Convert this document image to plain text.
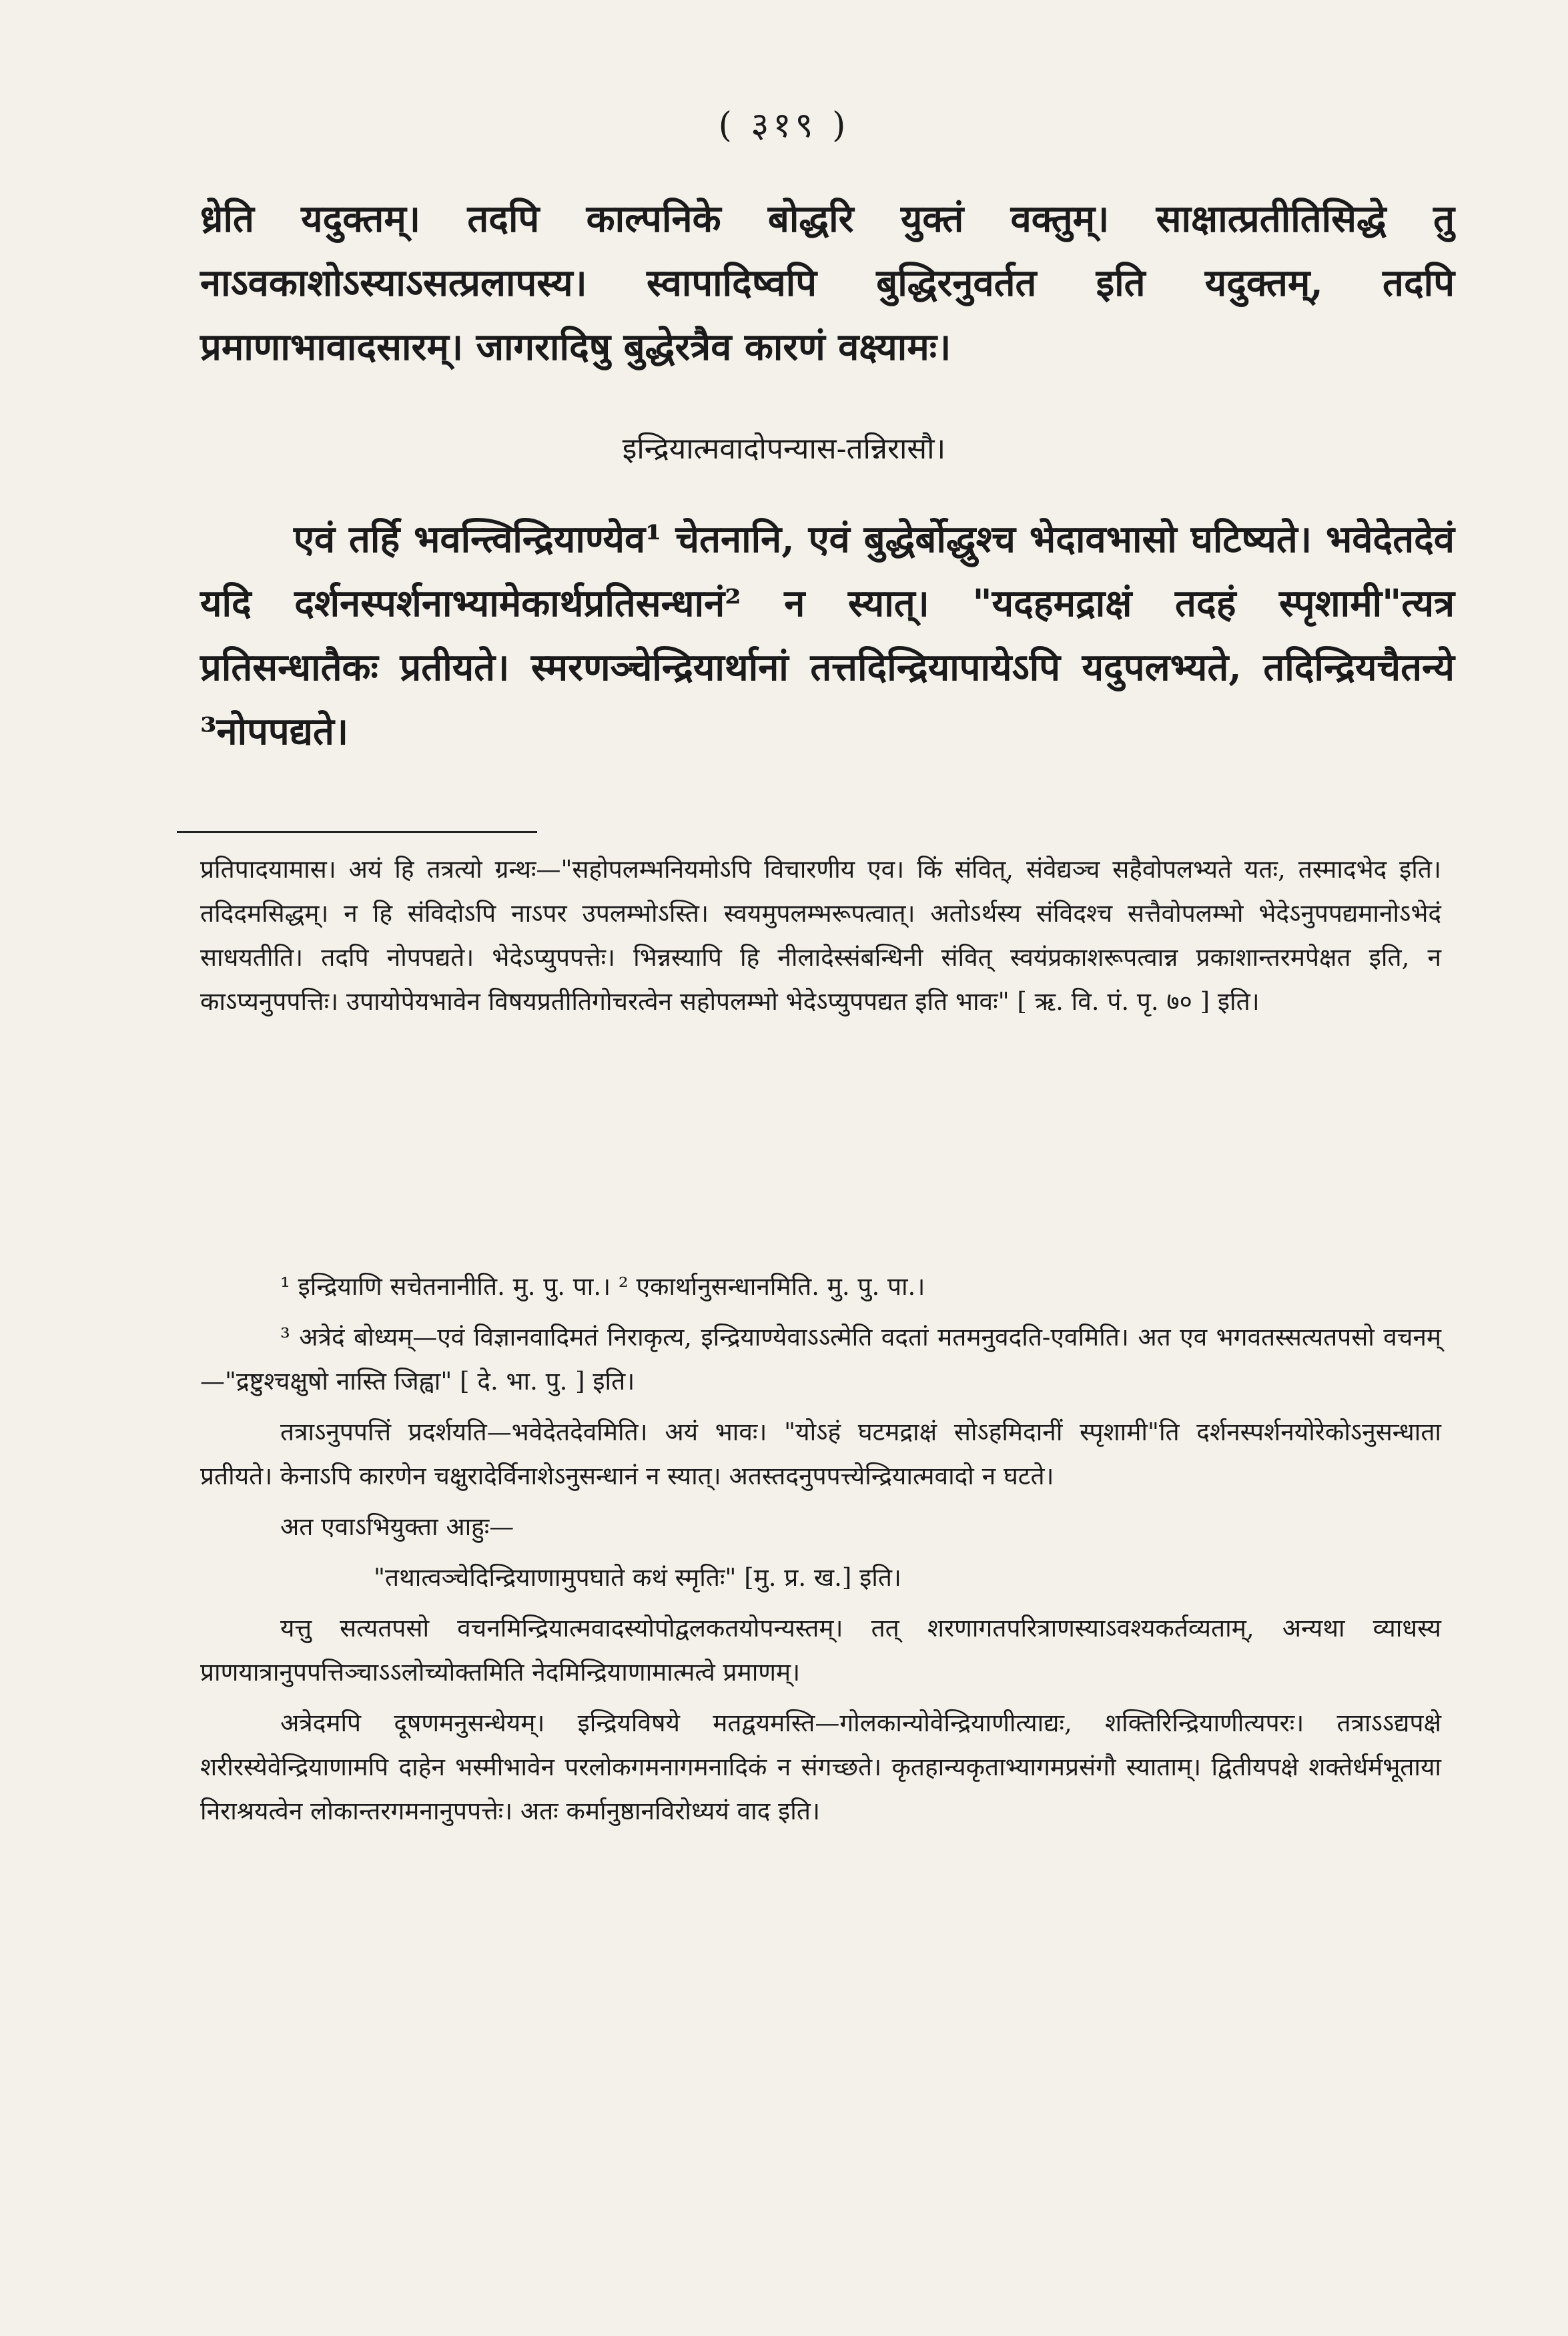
( ३१९ )

ध्रेति यदुक्तम्। तदपि काल्पनिके बोद्धरि युक्तं वक्तुम्। साक्षात्प्रतीतिसिद्धे तु नाऽवकाशोऽस्याऽसत्प्रलापस्य। स्वापादिष्वपि बुद्धिरनुवर्तत इति यदुक्तम्, तदपि प्रमाणाभावादसारम्। जागरादिषु बुद्धेरत्रैव कारणं वक्ष्यामः।

इन्द्रियात्मवादोपन्यास-तन्निरासौ।

एवं तर्हि भवन्त्विन्द्रियाण्येव¹ चेतनानि, एवं बुद्धेर्बोद्धुश्च भेदावभासो घटिष्यते। भवेदेतदेवं यदि दर्शनस्पर्शनाभ्यामेकार्थप्रतिसन्धानं² न स्यात्। "यदहमद्राक्षं तदहं स्पृशामी"त्यत्र प्रतिसन्धातैकः प्रतीयते। स्मरणञ्चेन्द्रियार्थानां तत्तदिन्द्रियापायेऽपि यदुपलभ्यते, तदिन्द्रियचैतन्ये ³नोपपद्यते।

प्रतिपादयामास। अयं हि तत्रत्यो ग्रन्थः—"सहोपलम्भनियमोऽपि विचारणीय एव। किं संवित्, संवेद्यञ्च सहैवोपलभ्यते यतः, तस्मादभेद इति। तदिदमसिद्धम्। न हि संविदोऽपि नाऽपर उपलम्भोऽस्ति। स्वयमुपलम्भरूपत्वात्। अतोऽर्थस्य संविदश्च सत्तैवोपलम्भो भेदेऽनुपपद्यमानोऽभेदं साधयतीति। तदपि नोपपद्यते। भेदेऽप्युपपत्तेः। भिन्नस्यापि हि नीलादेस्संबन्धिनी संवित् स्वयंप्रकाशरूपत्वान्न प्रकाशान्तरमपेक्षत इति, न काऽप्यनुपपत्तिः। उपायोपेयभावेन विषयप्रतीतिगोचरत्वेन सहोपलम्भो भेदेऽप्युपपद्यत इति भावः" [ ऋ. वि. पं. पृ. ७० ] इति।

¹ इन्द्रियाणि सचेतनानीति. मु. पु. पा.। ² एकार्थानुसन्धानमिति. मु. पु. पा.।

³ अत्रेदं बोध्यम्—एवं विज्ञानवादिमतं निराकृत्य, इन्द्रियाण्येवाऽऽत्मेति वदतां मतमनुवदति-एवमिति। अत एव भगवतस्सत्यतपसो वचनम्—"द्रष्टुश्चक्षुषो नास्ति जिह्वा" [ दे. भा. पु. ] इति।

तत्राऽनुपपत्तिं प्रदर्शयति—भवेदेतदेवमिति। अयं भावः। "योऽहं घटमद्राक्षं सोऽहमिदानीं स्पृशामी"ति दर्शनस्पर्शनयोरेकोऽनुसन्धाता प्रतीयते। केनाऽपि कारणेन चक्षुरादेर्विनाशेऽनुसन्धानं न स्यात्। अतस्तदनुपपत्त्येन्द्रियात्मवादो न घटते।

अत एवाऽभियुक्ता आहुः—

"तथात्वञ्चेदिन्द्रियाणामुपघाते कथं स्मृतिः" [मु. प्र. ख.] इति।

यत्तु सत्यतपसो वचनमिन्द्रियात्मवादस्योपोद्वलकतयोपन्यस्तम्। तत् शरणागतपरित्राणस्याऽवश्यकर्तव्यताम्, अन्यथा व्याधस्य प्राणयात्रानुपपत्तिञ्चाऽऽलोच्योक्तमिति नेदमिन्द्रियाणामात्मत्वे प्रमाणम्।

अत्रेदमपि दूषणमनुसन्धेयम्। इन्द्रियविषये मतद्वयमस्ति—गोलकान्योवेन्द्रियाणीत्याद्यः, शक्तिरिन्द्रियाणीत्यपरः। तत्राऽऽद्यपक्षे शरीरस्येवेन्द्रियाणामपि दाहेन भस्मीभावेन परलोकगमनागमनादिकं न संगच्छते। कृतहान्यकृताभ्यागमप्रसंगौ स्याताम्। द्वितीयपक्षे शक्तेर्धर्मभूताया निराश्रयत्वेन लोकान्तरगमनानुपपत्तेः। अतः कर्मानुष्ठानविरोध्ययं वाद इति।
